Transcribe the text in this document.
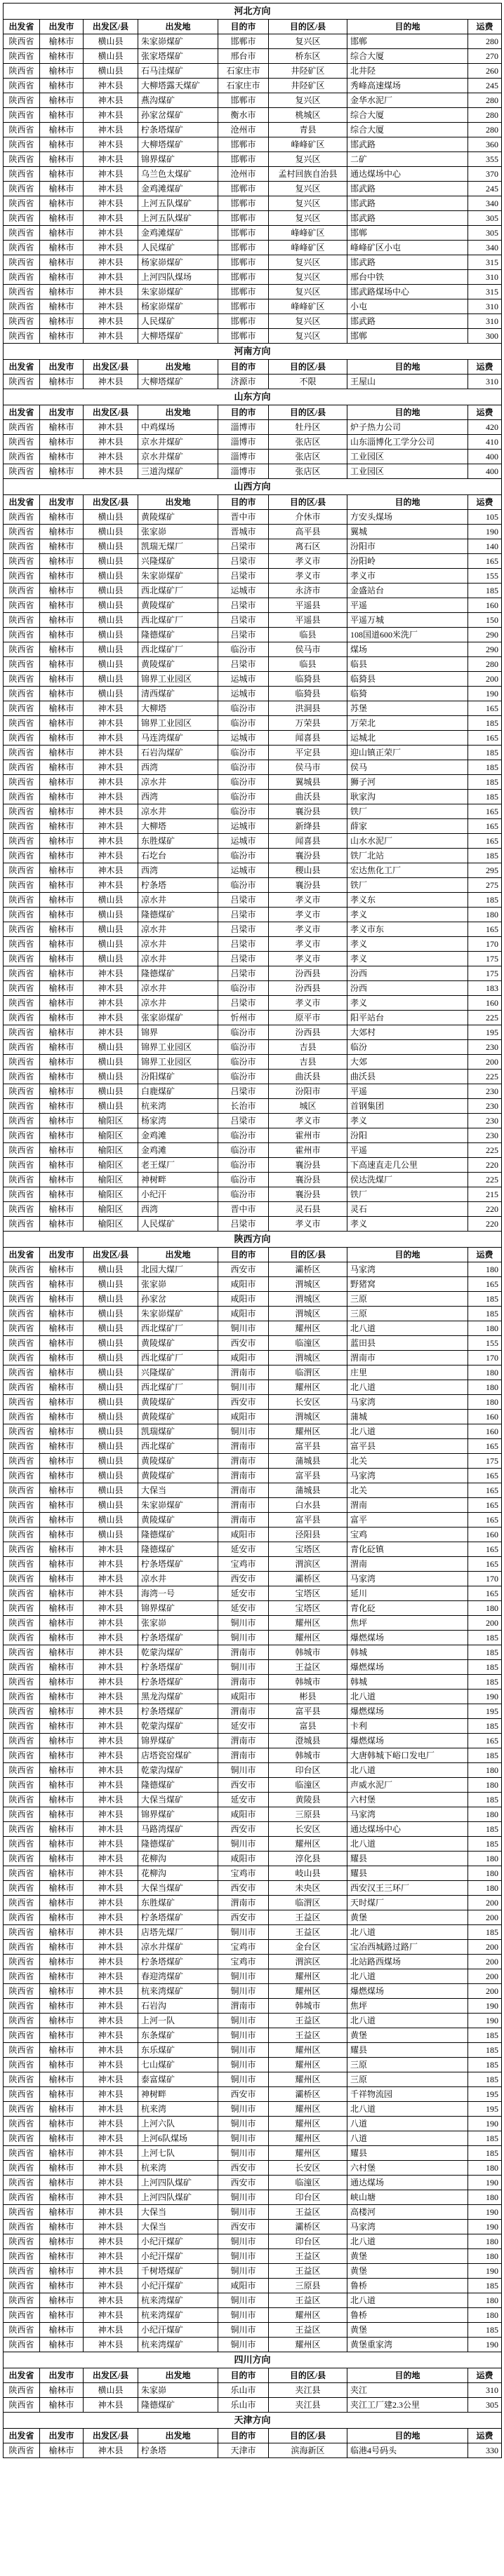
河北方向							
出发省	出发市	出发区/县	出发地	目的市	目的区/县	目的地	运费
陕西省	榆林市	横山县	朱家峁煤矿	邯郸市	复兴区	邯郸	280
陕西省	榆林市	横山县	张家塔煤矿	邢台市	桥东区	综合大厦	270
陕西省	榆林市	横山县	石马洼煤矿	石家庄市	井陉矿区	北井陉	260
陕西省	榆林市	神木县	大柳塔露天煤矿	石家庄市	井陉矿区	秀峰高速煤场	245
陕西省	榆林市	神木县	燕沟煤矿	邯郸市	复兴区	金华水泥厂	280
陕西省	榆林市	神木县	孙家岔煤矿	衡水市	桃城区	综合大厦	280
陕西省	榆林市	神木县	柠条塔煤矿	沧州市	青县	综合大厦	280
陕西省	榆林市	神木县	大柳塔煤矿	邯郸市	峰峰矿区	邯武路	360
陕西省	榆林市	神木县	锦界煤矿	邯郸市	复兴区	二矿	355
陕西省	榆林市	神木县	乌兰色太煤矿	沧州市	孟村回族自治县	通达煤场中心	370
陕西省	榆林市	神木县	金鸡滩煤矿	邯郸市	复兴区	邯武路	245
陕西省	榆林市	神木县	上河五队煤矿	邯郸市	复兴区	邯武路	340
陕西省	榆林市	神木县	上河五队煤矿	邯郸市	复兴区	邯武路	305
陕西省	榆林市	神木县	金鸡滩煤矿	邯郸市	峰峰矿区	邯郸	305
陕西省	榆林市	神木县	人民煤矿	邯郸市	峰峰矿区	峰峰矿区小屯	340
陕西省	榆林市	神木县	杨家峁煤矿	邯郸市	复兴区	邯武路	315
陕西省	榆林市	神木县	上河四队煤场	邯郸市	复兴区	邢台中铁	310
陕西省	榆林市	神木县	朱家峁煤矿	邯郸市	复兴区	邯武路煤场中心	315
陕西省	榆林市	神木县	杨家峁煤矿	邯郸市	峰峰矿区	小屯	310
陕西省	榆林市	神木县	人民煤矿	邯郸市	复兴区	邯武路	310
陕西省	榆林市	神木县	大柳塔煤矿	邯郸市	复兴区	邯郸	300
河南方向							
出发省	出发市	出发区/县	出发地	目的市	目的区/县	目的地	运费
陕西省	榆林市	神木县	大柳塔煤矿	济源市	不限	王屋山	310
山东方向							
出发省	出发市	出发区/县	出发地	目的市	目的区/县	目的地	运费
陕西省	榆林市	神木县	中鸡煤场	淄博市	牡丹区	炉子热力公司	420
陕西省	榆林市	神木县	京水井煤矿	淄博市	张店区	山东淄博化工学分公司	410
陕西省	榆林市	神木县	京水井煤矿	淄博市	张店区	工业园区	400
陕西省	榆林市	神木县	三道沟煤矿	淄博市	张店区	工业园区	400
山西方向							
出发省	出发市	出发区/县	出发地	目的市	目的区/县	目的地	运费
陕西省	榆林市	横山县	黄陵煤矿	晋中市	介休市	方安头煤场	105
陕西省	榆林市	横山县	张家峁	晋城市	高平县	翼城	190
陕西省	榆林市	横山县	凯瑞无煤厂	吕梁市	离石区	汾阳市	140
陕西省	榆林市	横山县	兴隆煤矿	吕梁市	孝义市	汾阳岭	165
陕西省	榆林市	横山县	朱家峁煤矿	吕梁市	孝义市	孝义市	155
陕西省	榆林市	横山县	西北煤矿厂	运城市	永济市	金盛站台	185
陕西省	榆林市	横山县	黄陵煤矿	吕梁市	平遥县	平遥	160
陕西省	榆林市	横山县	西北煤矿厂	吕梁市	平遥县	平遥万城	150
陕西省	榆林市	横山县	隆德煤矿	吕梁市	临县	108国道600米洗厂	290
陕西省	榆林市	横山县	西北煤矿厂	临汾市	侯马市	煤场	290
陕西省	榆林市	横山县	黄陵煤矿	吕梁市	临县	临县	280
陕西省	榆林市	横山县	锦界工业园区	运城市	临猗县	临猗县	200
陕西省	榆林市	横山县	清西煤矿	运城市	临猗县	临猗	190
陕西省	榆林市	神木县	大柳塔	临汾市	洪洞县	苏堡	165
陕西省	榆林市	神木县	锦界工业园区	临汾市	万荣县	万荣北	185
陕西省	榆林市	神木县	马连湾煤矿	运城市	闻喜县	运城北	165
陕西省	榆林市	神木县	石岩沟煤矿	临汾市	平定县	迎山镇正荣厂	185
陕西省	榆林市	神木县	西湾	临汾市	侯马市	侯马	185
陕西省	榆林市	神木县	凉水井	临汾市	翼城县	狮子河	185
陕西省	榆林市	神木县	西湾	临汾市	曲沃县	耿家沟	185
陕西省	榆林市	神木县	凉水井	临汾市	襄汾县	铁厂	165
陕西省	榆林市	神木县	大柳塔	运城市	新绛县	薛家	165
陕西省	榆林市	神木县	东胜煤矿	运城市	闻喜县	山水水泥厂	165
陕西省	榆林市	神木县	石圪台	临汾市	襄汾县	铁厂北站	185
陕西省	榆林市	神木县	西湾	运城市	稷山县	宏达焦化工厂	295
陕西省	榆林市	神木县	柠条塔	临汾市	襄汾县	铁厂	275
陕西省	榆林市	横山县	凉水井	吕梁市	孝义市	孝义东	185
陕西省	榆林市	横山县	隆德煤矿	吕梁市	孝义市	孝义	180
陕西省	榆林市	横山县	凉水井	吕梁市	孝义市	孝义市东	165
陕西省	榆林市	横山县	凉水井	吕梁市	孝义市	孝义	170
陕西省	榆林市	横山县	凉水井	吕梁市	孝义市	孝义	175
陕西省	榆林市	神木县	隆德煤矿	吕梁市	汾西县	汾西	175
陕西省	榆林市	神木县	凉水井	临汾市	汾西县	汾西	183
陕西省	榆林市	神木县	凉水井	吕梁市	孝义市	孝义	160
陕西省	榆林市	神木县	张家峁煤矿	忻州市	原平市	阳平站台	225
陕西省	榆林市	神木县	锦界	临汾市	汾西县	大郊村	195
陕西省	榆林市	横山县	锦界工业园区	临汾市	吉县	临汾	230
陕西省	榆林市	横山县	锦界工业园区	临汾市	吉县	大郊	200
陕西省	榆林市	横山县	汾阳煤矿	临汾市	曲沃县	曲沃县	225
陕西省	榆林市	横山县	白鹿煤矿	吕梁市	汾阳市	平遥	230
陕西省	榆林市	横山县	杭来湾	长治市	城区	首钢集团	230
陕西省	榆林市	榆阳区	杨家湾	吕梁市	孝义市	孝义	230
陕西省	榆林市	榆阳区	金鸡滩	临汾市	霍州市	汾阳	230
陕西省	榆林市	榆阳区	金鸡滩	临汾市	霍州市	平遥	225
陕西省	榆林市	榆阳区	老王煤厂	临汾市	襄汾县	下高速直走几公里	220
陕西省	榆林市	榆阳区	神树畔	临汾市	襄汾县	侯达洗煤厂	225
陕西省	榆林市	榆阳区	小纪汗	临汾市	襄汾县	铁厂	215
陕西省	榆林市	榆阳区	西湾	晋中市	灵石县	灵石	220
陕西省	榆林市	榆阳区	人民煤矿	吕梁市	孝义市	孝义	220
陕西方向							
出发省	出发市	出发区/县	出发地	目的市	目的区/县	目的地	运费
陕西省	榆林市	横山县	北园大煤厂	西安市	灞桥区	马家湾	180
陕西省	榆林市	横山县	张家峁	咸阳市	渭城区	野猪窝	165
陕西省	榆林市	横山县	孙家岔	咸阳市	渭城区	三原	185
陕西省	榆林市	横山县	朱家峁煤矿	咸阳市	渭城区	三原	185
陕西省	榆林市	横山县	西北煤矿厂	铜川市	耀州区	北八道	180
陕西省	榆林市	横山县	黄陵煤矿	西安市	临潼区	蓝田县	155
陕西省	榆林市	横山县	西北煤矿厂	咸阳市	渭城区	渭南市	170
陕西省	榆林市	横山县	兴隆煤矿	渭南市	临渭区	庄里	180
陕西省	榆林市	横山县	西北煤矿厂	铜川市	耀州区	北八道	180
陕西省	榆林市	横山县	黄陵煤矿	西安市	长安区	马家湾	180
陕西省	榆林市	横山县	黄陵煤矿	咸阳市	渭城区	蒲城	160
陕西省	榆林市	横山县	凯瑞煤矿	铜川市	耀州区	北八道	160
陕西省	榆林市	横山县	西北煤矿	渭南市	富平县	富平县	165
陕西省	榆林市	横山县	黄陵煤矿	渭南市	蒲城县	北关	175
陕西省	榆林市	横山县	黄陵煤矿	渭南市	富平县	马家湾	165
陕西省	榆林市	横山县	大保当	渭南市	蒲城县	北关	165
陕西省	榆林市	横山县	朱家峁煤矿	渭南市	白水县	渭南	165
陕西省	榆林市	横山县	黄陵煤矿	渭南市	富平县	富平	165
陕西省	榆林市	横山县	隆德煤矿	咸阳市	泾阳县	宝鸡	160
陕西省	榆林市	神木县	隆德煤矿	延安市	宝塔区	青化砭镇	165
陕西省	榆林市	神木县	柠条塔煤矿	宝鸡市	渭滨区	渭南	165
陕西省	榆林市	神木县	凉水井	西安市	灞桥区	马家湾	170
陕西省	榆林市	神木县	海湾一号	延安市	宝塔区	延川	165
陕西省	榆林市	神木县	锦界煤矿	延安市	宝塔区	青化砭	180
陕西省	榆林市	神木县	张家峁	铜川市	耀州区	焦坪	200
陕西省	榆林市	神木县	柠条塔煤矿	铜川市	耀州区	爆燃煤场	185
陕西省	榆林市	神木县	乾蒙沟煤矿	渭南市	韩城市	韩城	185
陕西省	榆林市	神木县	柠条塔煤矿	铜川市	王益区	爆燃煤场	185
陕西省	榆林市	神木县	柠条塔煤矿	渭南市	韩城市	韩城	185
陕西省	榆林市	神木县	黑龙沟煤矿	咸阳市	彬县	北八道	190
陕西省	榆林市	神木县	柠条塔煤矿	渭南市	富平县	爆燃煤场	195
陕西省	榆林市	神木县	乾蒙沟煤矿	延安市	富县	卡利	185
陕西省	榆林市	神木县	锦界煤矿	渭南市	澄城县	爆燃煤场	165
陕西省	榆林市	神木县	店塔瓷窑煤矿	渭南市	韩城市	大唐韩城下峪口发电厂	185
陕西省	榆林市	神木县	乾蒙沟煤矿	铜川市	印台区	北八道	180
陕西省	榆林市	神木县	隆德煤矿	西安市	临潼区	声威水泥厂	180
陕西省	榆林市	神木县	大保当煤矿	延安市	黄陵县	六村堡	185
陕西省	榆林市	神木县	锦界煤矿	咸阳市	三原县	马家湾	180
陕西省	榆林市	神木县	马路湾煤矿	西安市	长安区	通达煤场中心	185
陕西省	榆林市	神木县	隆德煤矿	铜川市	耀州区	北八道	185
陕西省	榆林市	神木县	花柳沟	咸阳市	淳化县	耀县	180
陕西省	榆林市	神木县	花柳沟	宝鸡市	岐山县	耀县	180
陕西省	榆林市	神木县	大保当煤矿	西安市	未央区	西安汉王三环厂	180
陕西省	榆林市	神木县	东胜煤矿	渭南市	临渭区	天时煤厂	200
陕西省	榆林市	神木县	柠条塔煤矿	西安市	王益区	黄堡	200
陕西省	榆林市	神木县	店塔先煤厂	铜川市	王益区	北八道	185
陕西省	榆林市	神木县	凉水井煤矿	宝鸡市	金台区	宝冶西城路过路厂	200
陕西省	榆林市	神木县	柠条塔煤矿	宝鸡市	渭滨区	北站路西煤场	200
陕西省	榆林市	神木县	春迎湾煤矿	铜川市	耀州区	北八道	200
陕西省	榆林市	神木县	杭来湾煤矿	铜川市	耀州区	爆燃煤场	200
陕西省	榆林市	神木县	石岩沟	渭南市	韩城市	焦坪	190
陕西省	榆林市	神木县	上河一队	铜川市	王益区	北八道	190
陕西省	榆林市	神木县	东条煤矿	铜川市	王益区	黄堡	185
陕西省	榆林市	神木县	东乐煤矿	铜川市	耀州区	耀县	185
陕西省	榆林市	神木县	七山煤矿	铜川市	耀州区	三原	185
陕西省	榆林市	神木县	泰富煤矿	铜川市	耀州区	三原	185
陕西省	榆林市	神木县	神树畔	西安市	灞桥区	千祥物流园	195
陕西省	榆林市	神木县	杭来湾	铜川市	耀州区	北八道	195
陕西省	榆林市	神木县	上河六队	铜川市	耀州区	八道	190
陕西省	榆林市	神木县	上河6队煤场	铜川市	耀州区	八道	185
陕西省	榆林市	神木县	上河七队	铜川市	耀州区	耀县	185
陕西省	榆林市	神木县	杭来湾	西安市	长安区	六村堡	180
陕西省	榆林市	神木县	上河四队煤矿	西安市	临潼区	通达煤场	190
陕西省	榆林市	神木县	上河四队煤矿	铜川市	印台区	峡山塘	180
陕西省	榆林市	神木县	大保当	铜川市	王益区	高楼河	190
陕西省	榆林市	神木县	大保当	西安市	灞桥区	马家湾	190
陕西省	榆林市	神木县	小纪汗煤矿	铜川市	印台区	北八道	180
陕西省	榆林市	神木县	小纪汗煤矿	铜川市	王益区	黄堡	180
陕西省	榆林市	神木县	千树塔煤矿	铜川市	王益区	黄堡	190
陕西省	榆林市	神木县	小纪汗煤矿	咸阳市	三原县	鲁桥	185
陕西省	榆林市	神木县	杭来湾煤矿	铜川市	王益区	北八道	180
陕西省	榆林市	神木县	杭来湾煤矿	铜川市	耀州区	鲁桥	180
陕西省	榆林市	神木县	小纪汗煤矿	铜川市	王益区	黄堡	185
陕西省	榆林市	神木县	杭来湾煤矿	铜川市	耀州区	黄堡重家湾	190
四川方向							
出发省	出发市	出发区/县	出发地	目的市	目的区/县	目的地	运费
陕西省	榆林市	横山县	朱家峁	乐山市	夹江县	夹江	310
陕西省	榆林市	神木县	隆德煤矿	乐山市	夹江县	夹江工厂建2.3公里	305
天津方向							
出发省	出发市	出发区/县	出发地	目的市	目的区/县	目的地	运费
陕西省	榆林市	神木县	柠条塔	天津市	滨海新区	临港4号码头	330
